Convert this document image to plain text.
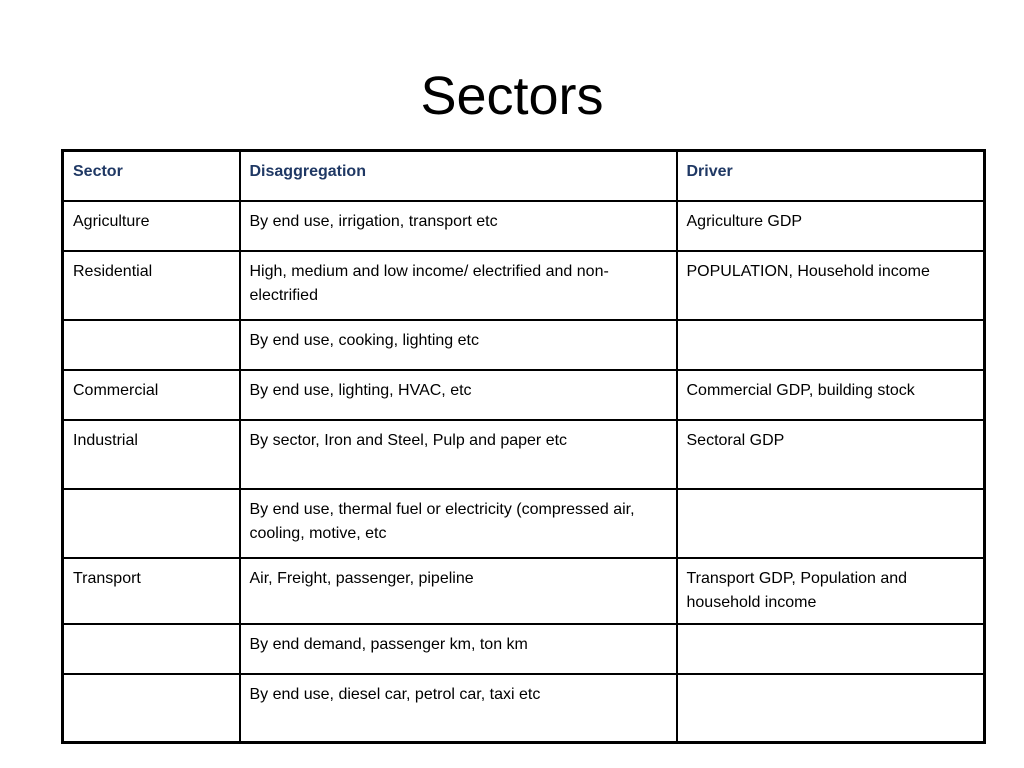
Sectors
Sector	Disaggregation	Driver
Agriculture	By end use, irrigation, transport etc	Agriculture GDP
Residential	High, medium and low income/ electrified and non-electrified	POPULATION, Household income
	By end use, cooking, lighting etc	
Commercial	By end use, lighting, HVAC, etc	Commercial GDP, building stock
Industrial	By sector, Iron and Steel, Pulp and paper etc	Sectoral GDP
	By end use, thermal fuel or electricity (compressed air, cooling, motive, etc	
Transport	Air, Freight, passenger, pipeline	Transport GDP, Population and household income
	By end demand, passenger km, ton km	
	By end use, diesel car, petrol car, taxi etc	
